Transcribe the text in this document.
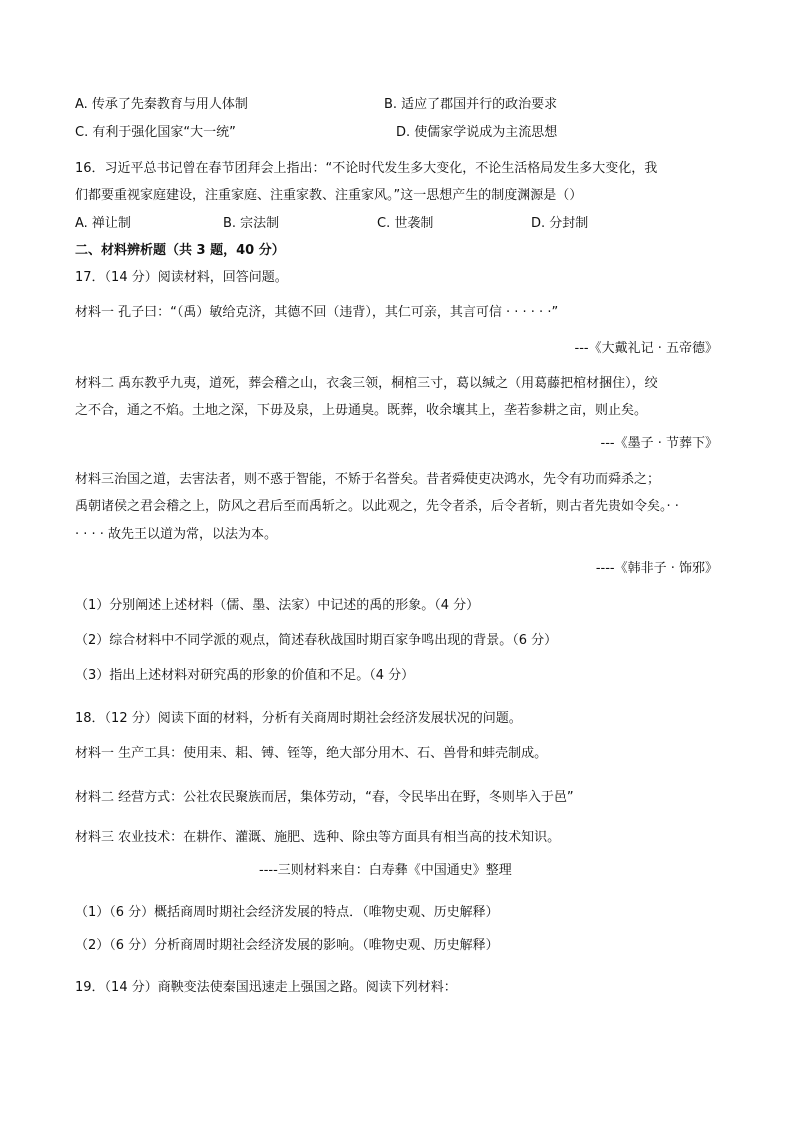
A. 传承了先秦教育与用人体制	B. 适应了郡国并行的政治要求
C. 有利于强化国家“大一统”	D. 使儒家学说成为主流思想
16．习近平总书记曾在春节团拜会上指出：“不论时代发生多大变化，不论生活格局发生多大变化，我
们都要重视家庭建设，注重家庭、注重家教、注重家风。”这一思想产生的制度渊源是（）
A. 禅让制	B. 宗法制	C. 世袭制	D. 分封制
二、材料辨析题（共 3 题，40 分）
17．（14 分）阅读材料，回答问题。
材料一 孔子曰：“（禹）敏给克济，其德不回（违背），其仁可亲，其言可信 · · · · · ·”
---《大戴礼记 · 五帝德》
材料二 禹东教乎九夷，道死，葬会稽之山，衣衾三领，桐棺三寸，葛以缄之（用葛藤把棺材捆住），绞
之不合，通之不焰。土地之深，下毋及泉，上毋通臭。既葬，收余壤其上，垄若参耕之亩，则止矣。
---《墨子 · 节葬下》
材料三治国之道，去害法者，则不惑于智能，不矫于名誉矣。昔者舜使吏决鸿水，先令有功而舜杀之；
禹朝诸侯之君会稽之上，防风之君后至而禹斩之。以此观之，先令者杀，后令者斩，则古者先贵如令矣。· ·
· · · · 故先王以道为常，以法为本。
----《韩非子 · 饰邪》
（1）分别阐述上述材料（儒、墨、法家）中记述的禹的形象。（4 分）
（2）综合材料中不同学派的观点，简述春秋战国时期百家争鸣出现的背景。（6 分）
（3）指出上述材料对研究禹的形象的价值和不足。（4 分）
18．（12 分）阅读下面的材料，分析有关商周时期社会经济发展状况的问题。
材料一 生产工具：使用耒、耜、镈、铚等，绝大部分用木、石、兽骨和蚌壳制成。
材料二 经营方式：公社农民聚族而居，集体劳动，“春，令民毕出在野，冬则毕入于邑”
材料三 农业技术：在耕作、灌溉、施肥、选种、除虫等方面具有相当高的技术知识。
----三则材料来自：白寿彝《中国通史》整理
（1）（6 分）概括商周时期社会经济发展的特点．（唯物史观、历史解释）
（2）（6 分）分析商周时期社会经济发展的影响。（唯物史观、历史解释）
19．（14 分）商鞅变法使秦国迅速走上强国之路。阅读下列材料：
